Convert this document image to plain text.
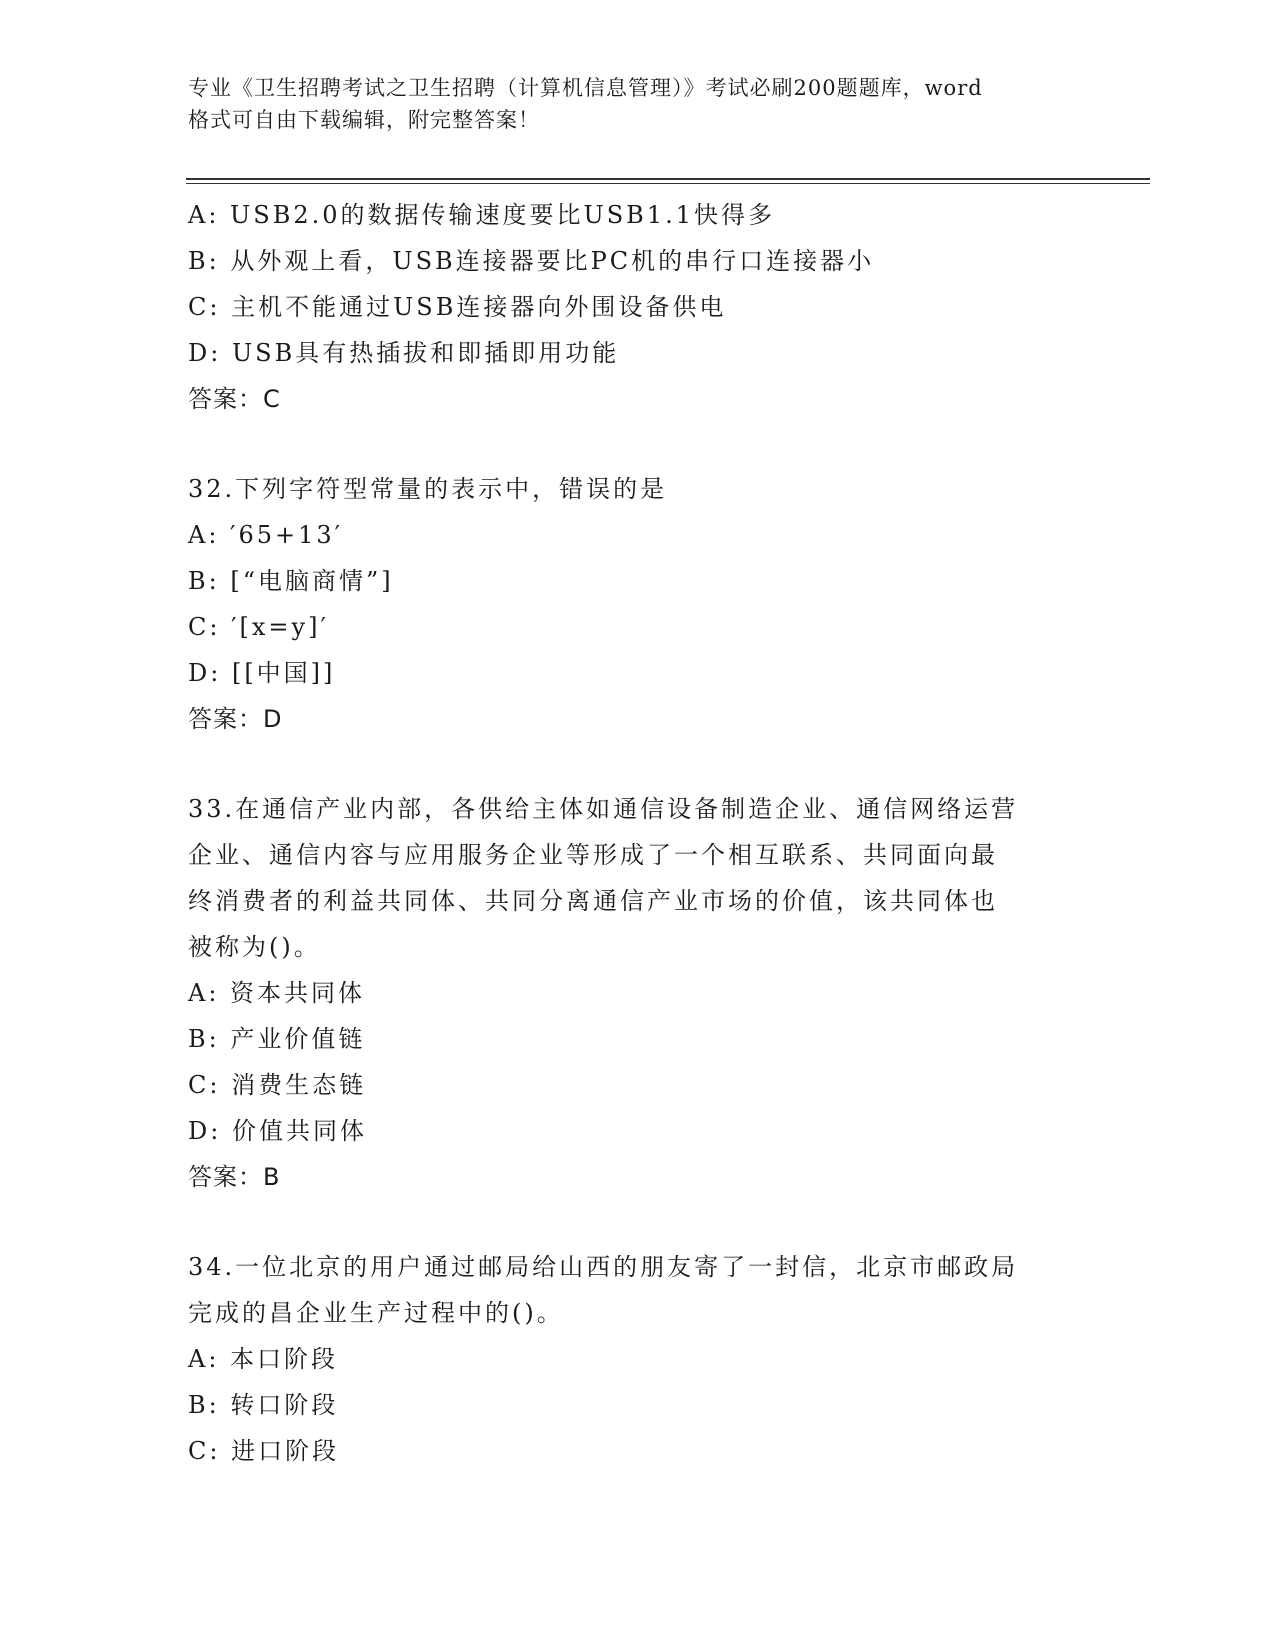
专业《卫生招聘考试之卫生招聘（计算机信息管理）》考试必刷200题题库，word
格式可自由下载编辑，附完整答案！
A: USB2.0的数据传输速度要比USB1.1快得多
B: 从外观上看，USB连接器要比PC机的串行口连接器小
C: 主机不能通过USB连接器向外围设备供电
D: USB具有热插拔和即插即用功能
答案：C
32.下列字符型常量的表示中，错误的是
A: ′65+13′
B: [“电脑商情”]
C: ′[x=y]′
D: [[中国]]
答案：D
33.在通信产业内部，各供给主体如通信设备制造企业、通信网络运营
企业、通信内容与应用服务企业等形成了一个相互联系、共同面向最
终消费者的利益共同体、共同分离通信产业市场的价值，该共同体也
被称为()。
A: 资本共同体
B: 产业价值链
C: 消费生态链
D: 价值共同体
答案：B
34.一位北京的用户通过邮局给山西的朋友寄了一封信，北京市邮政局
完成的昌企业生产过程中的()。
A: 本口阶段
B: 转口阶段
C: 进口阶段
